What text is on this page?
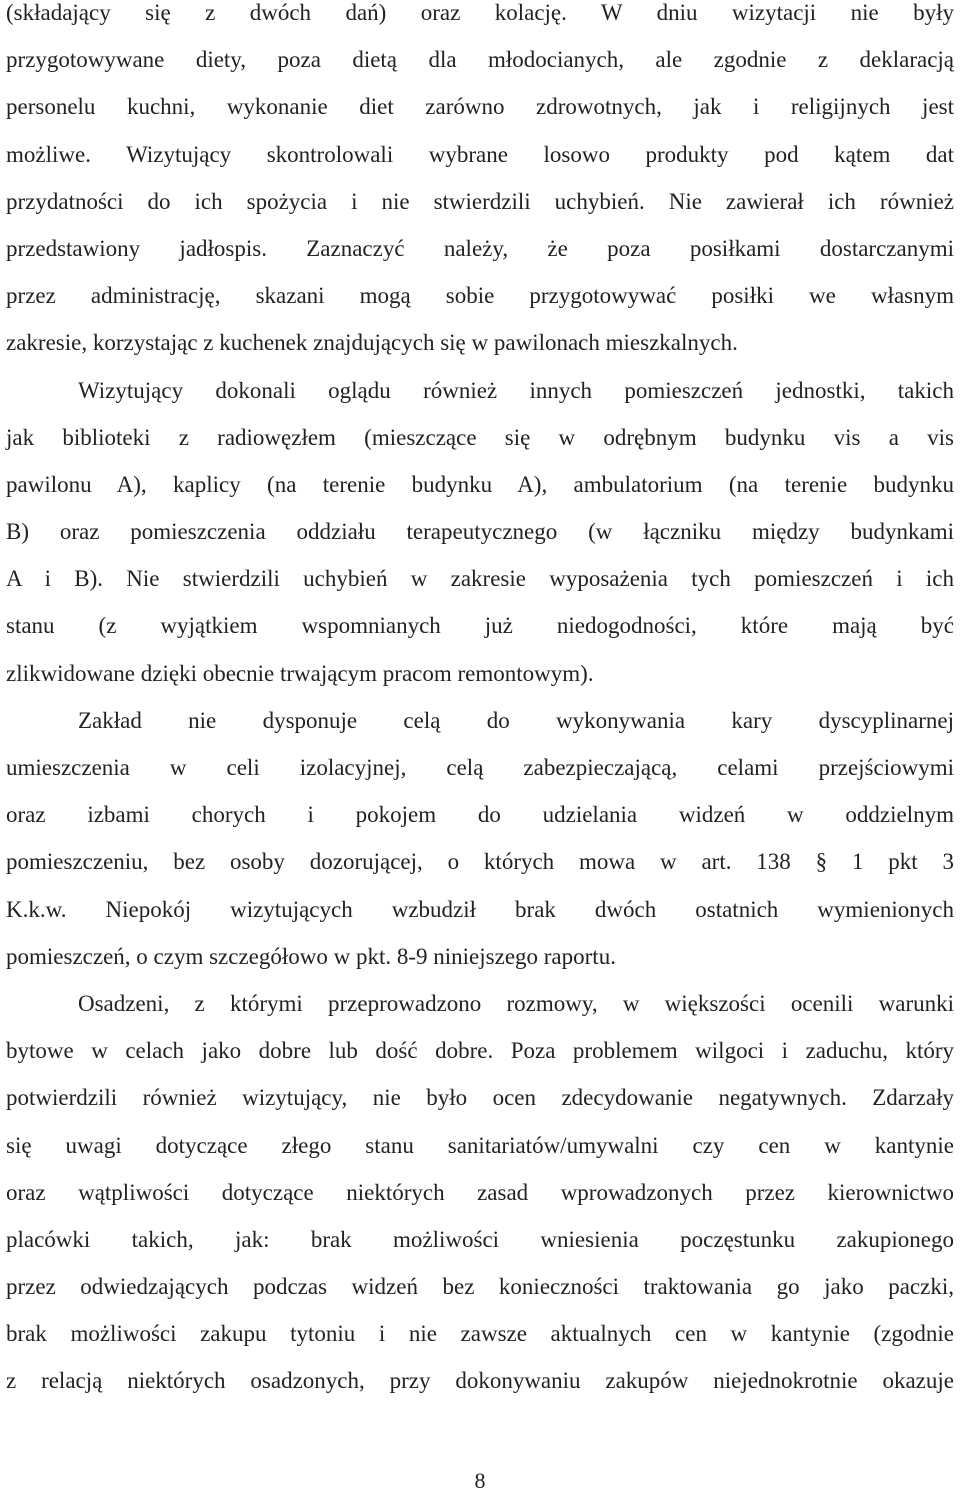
(składający się z dwóch dań) oraz kolację. W dniu wizytacji nie były
przygotowywane diety, poza dietą dla młodocianych, ale zgodnie z deklaracją
personelu kuchni, wykonanie diet zarówno zdrowotnych, jak i religijnych jest
możliwe. Wizytujący skontrolowali wybrane losowo produkty pod kątem dat
przydatności do ich spożycia i nie stwierdzili uchybień. Nie zawierał ich również
przedstawiony jadłospis. Zaznaczyć należy, że poza posiłkami dostarczanymi
przez administrację, skazani mogą sobie przygotowywać posiłki we własnym
zakresie, korzystając z kuchenek znajdujących się w pawilonach mieszkalnych.
Wizytujący dokonali oglądu również innych pomieszczeń jednostki, takich
jak biblioteki z radiowęzłem (mieszczące się w odrębnym budynku vis a vis
pawilonu A), kaplicy (na terenie budynku A), ambulatorium (na terenie budynku
B) oraz pomieszczenia oddziału terapeutycznego (w łączniku między budynkami
A i B). Nie stwierdzili uchybień w zakresie wyposażenia tych pomieszczeń i ich
stanu (z wyjątkiem wspomnianych już niedogodności, które mają być
zlikwidowane dzięki obecnie trwającym pracom remontowym).
Zakład nie dysponuje celą do wykonywania kary dyscyplinarnej
umieszczenia w celi izolacyjnej, celą zabezpieczającą, celami przejściowymi
oraz izbami chorych i pokojem do udzielania widzeń w oddzielnym
pomieszczeniu, bez osoby dozorującej, o których mowa w art. 138 § 1 pkt 3
K.k.w. Niepokój wizytujących wzbudził brak dwóch ostatnich wymienionych
pomieszczeń, o czym szczegółowo w pkt. 8-9 niniejszego raportu.
Osadzeni, z którymi przeprowadzono rozmowy, w większości ocenili warunki
bytowe w celach jako dobre lub dość dobre. Poza problemem wilgoci i zaduchu, który
potwierdzili również wizytujący, nie było ocen zdecydowanie negatywnych. Zdarzały
się uwagi dotyczące złego stanu sanitariatów/umywalni czy cen w kantynie
oraz wątpliwości dotyczące niektórych zasad wprowadzonych przez kierownictwo
placówki takich, jak: brak możliwości wniesienia poczęstunku zakupionego
przez odwiedzających podczas widzeń bez konieczności traktowania go jako paczki,
brak możliwości zakupu tytoniu i nie zawsze aktualnych cen w kantynie (zgodnie
z relacją niektórych osadzonych, przy dokonywaniu zakupów niejednokrotnie okazuje
8
